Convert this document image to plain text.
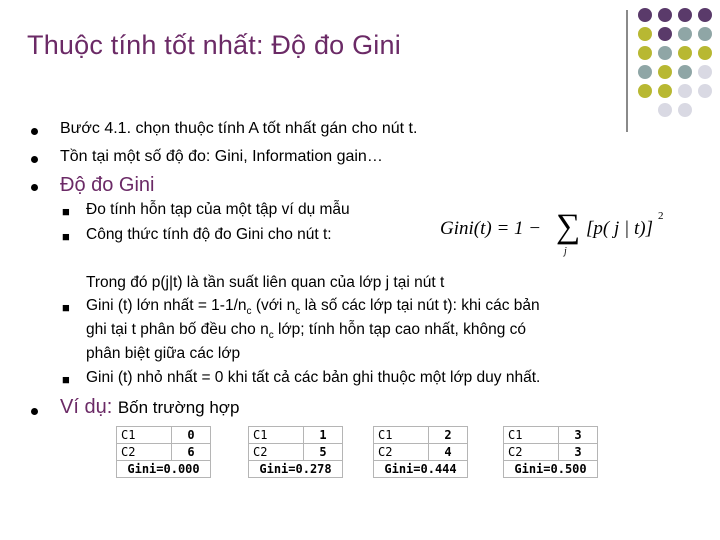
Thuộc tính tốt nhất: Độ đo Gini
Bước 4.1. chọn thuộc tính A tốt nhất gán cho nút t.
Tồn tại một số độ đo: Gini, Information gain…
Độ đo Gini
■ Đo tính hỗn tạp của một tập ví dụ mẫu
■ Công thức tính độ đo Gini cho nút t:	Gini(t) = 1 − ∑
j
[p( j | t)]
2
Trong đó p(j|t) là tần suất liên quan của lớp j tại nút t
■ Gini (t) lớn nhất = $1-1/n_c$ (với $n_c$ là số các lớp tại nút t): khi các bản
ghi tại t phân bố đều cho $n_c$ lớp; tính hỗn tạp cao nhất, không có
phân biệt giữa các lớp
■ Gini (t) nhỏ nhất = 0 khi tất cả các bản ghi thuộc một lớp duy nhất.
Ví dụ: Bốn trường hợp
C1	0
C2	6
Gini=0.000	
C1	1
C2	5
Gini=0.278	
C1	2
C2	4
Gini=0.444	
C1	3
C2	3
Gini=0.500	
